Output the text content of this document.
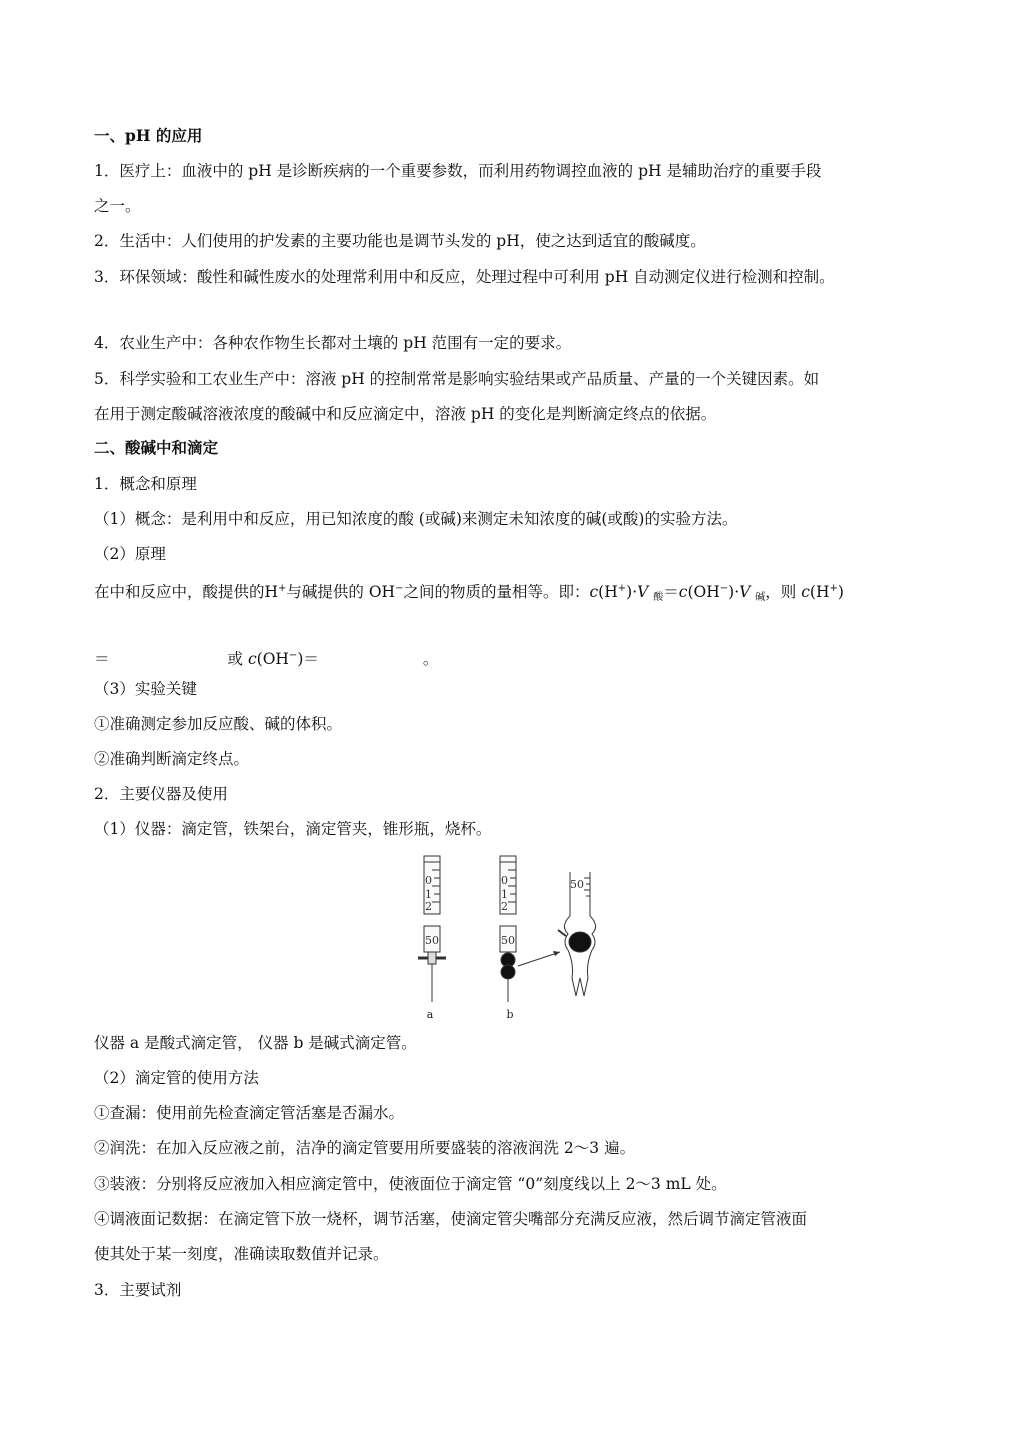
一、pH 的应用
1．医疗上：血液中的 pH 是诊断疾病的一个重要参数，而利用药物调控血液的 pH 是辅助治疗的重要手段
之一。
2．生活中：人们使用的护发素的主要功能也是调节头发的 pH，使之达到适宜的酸碱度。
3．环保领域：酸性和碱性废水的处理常利用中和反应，处理过程中可利用 pH 自动测定仪进行检测和控制。
4．农业生产中：各种农作物生长都对土壤的 pH 范围有一定的要求。
5．科学实验和工农业生产中：溶液 pH 的控制常常是影响实验结果或产品质量、产量的一个关键因素。如
在用于测定酸碱溶液浓度的酸碱中和反应滴定中，溶液 pH 的变化是判断滴定终点的依据。
二、酸碱中和滴定
1．概念和原理
（1）概念：是利用中和反应，用已知浓度的酸 (或碱)来测定未知浓度的碱(或酸)的实验方法。
（2）原理
在中和反应中，酸提供的H+与碱提供的 OH−之间的物质的量相等。即：c(H+)·V $_酸$＝c(OH−)·V $_碱$，则 c(H+)
＝	或 c(OH−)＝	。
（3）实验关键
①准确测定参加反应酸、碱的体积。
②准确判断滴定终点。
2．主要仪器及使用
（1）仪器：滴定管，铁架台，滴定管夹，锥形瓶，烧杯。
0
1
2
50
a
0
1
2
50
b
50
仪器 a 是酸式滴定管， 仪器 b 是碱式滴定管。
（2）滴定管的使用方法
①查漏：使用前先检查滴定管活塞是否漏水。
②润洗：在加入反应液之前，洁净的滴定管要用所要盛装的溶液润洗 2～3 遍。
③装液：分别将反应液加入相应滴定管中，使液面位于滴定管 “0”刻度线以上 2～3 mL 处。
④调液面记数据：在滴定管下放一烧杯，调节活塞，使滴定管尖嘴部分充满反应液，然后调节滴定管液面
使其处于某一刻度，准确读取数值并记录。
3．主要试剂
